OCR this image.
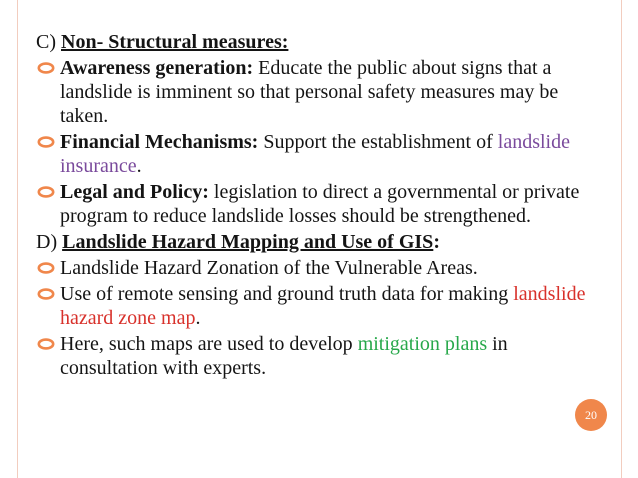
C) Non- Structural measures:
Awareness generation: Educate the public about signs that a landslide is imminent so that personal safety measures may be taken.
Financial Mechanisms: Support the establishment of landslide insurance.
Legal and Policy: legislation to direct a governmental or private program to reduce landslide losses should be strengthened.
D) Landslide Hazard Mapping and Use of GIS:
Landslide Hazard Zonation of the Vulnerable Areas.
Use of remote sensing and ground truth data for making landslide hazard zone map.
Here, such maps are used to develop mitigation plans in consultation with experts.
20
